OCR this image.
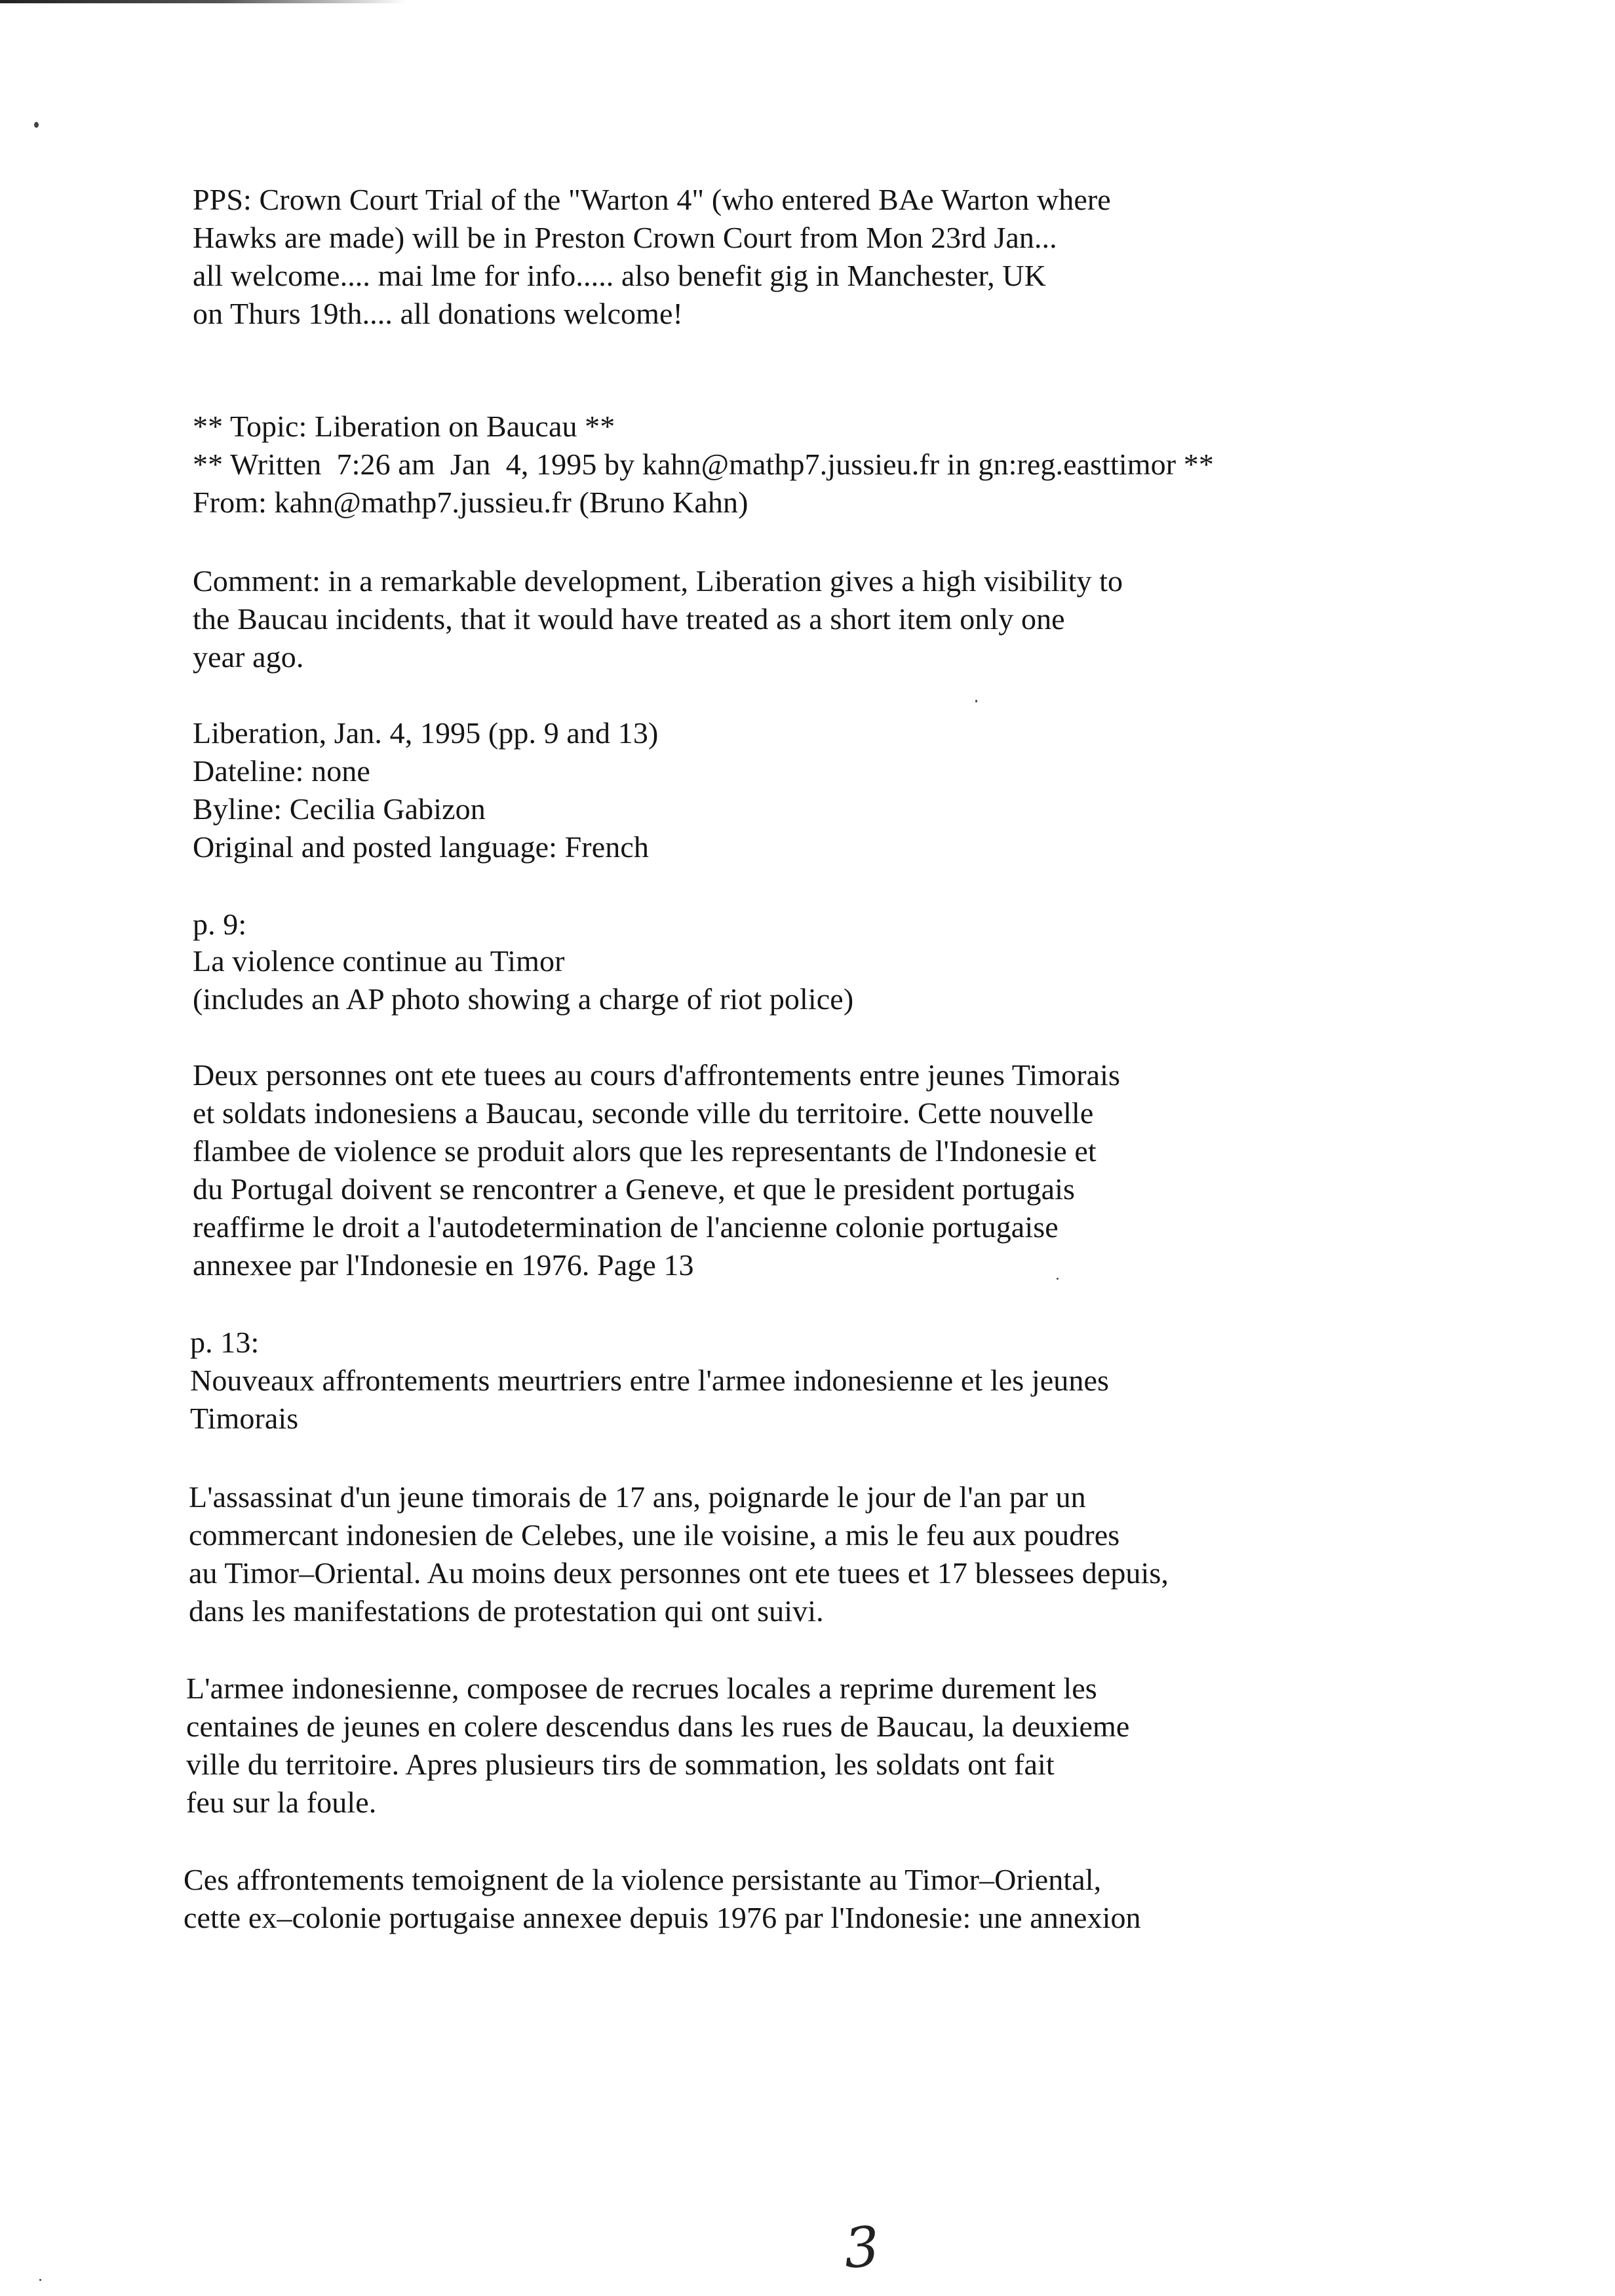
PPS: Crown Court Trial of the "Warton 4" (who entered BAe Warton where
Hawks are made) will be in Preston Crown Court from Mon 23rd Jan...
all welcome.... mai lme for info..... also benefit gig in Manchester, UK
on Thurs 19th.... all donations welcome!
** Topic: Liberation on Baucau **
** Written  7:26 am  Jan  4, 1995 by kahn@mathp7.jussieu.fr in gn:reg.easttimor **
From: kahn@mathp7.jussieu.fr (Bruno Kahn)
Comment: in a remarkable development, Liberation gives a high visibility to
the Baucau incidents, that it would have treated as a short item only one
year ago.
Liberation, Jan. 4, 1995 (pp. 9 and 13)
Dateline: none
Byline: Cecilia Gabizon
Original and posted language: French
p. 9:
La violence continue au Timor
(includes an AP photo showing a charge of riot police)
Deux personnes ont ete tuees au cours d'affrontements entre jeunes Timorais
et soldats indonesiens a Baucau, seconde ville du territoire. Cette nouvelle
flambee de violence se produit alors que les representants de l'Indonesie et
du Portugal doivent se rencontrer a Geneve, et que le president portugais
reaffirme le droit a l'autodetermination de l'ancienne colonie portugaise
annexee par l'Indonesie en 1976. Page 13
p. 13:
Nouveaux affrontements meurtriers entre l'armee indonesienne et les jeunes
Timorais
L'assassinat d'un jeune timorais de 17 ans, poignarde le jour de l'an par un
commercant indonesien de Celebes, une ile voisine, a mis le feu aux poudres
au Timor–Oriental. Au moins deux personnes ont ete tuees et 17 blessees depuis,
dans les manifestations de protestation qui ont suivi.
L'armee indonesienne, composee de recrues locales a reprime durement les
centaines de jeunes en colere descendus dans les rues de Baucau, la deuxieme
ville du territoire. Apres plusieurs tirs de sommation, les soldats ont fait
feu sur la foule.
Ces affrontements temoignent de la violence persistante au Timor–Oriental,
cette ex–colonie portugaise annexee depuis 1976 par l'Indonesie: une annexion
3
